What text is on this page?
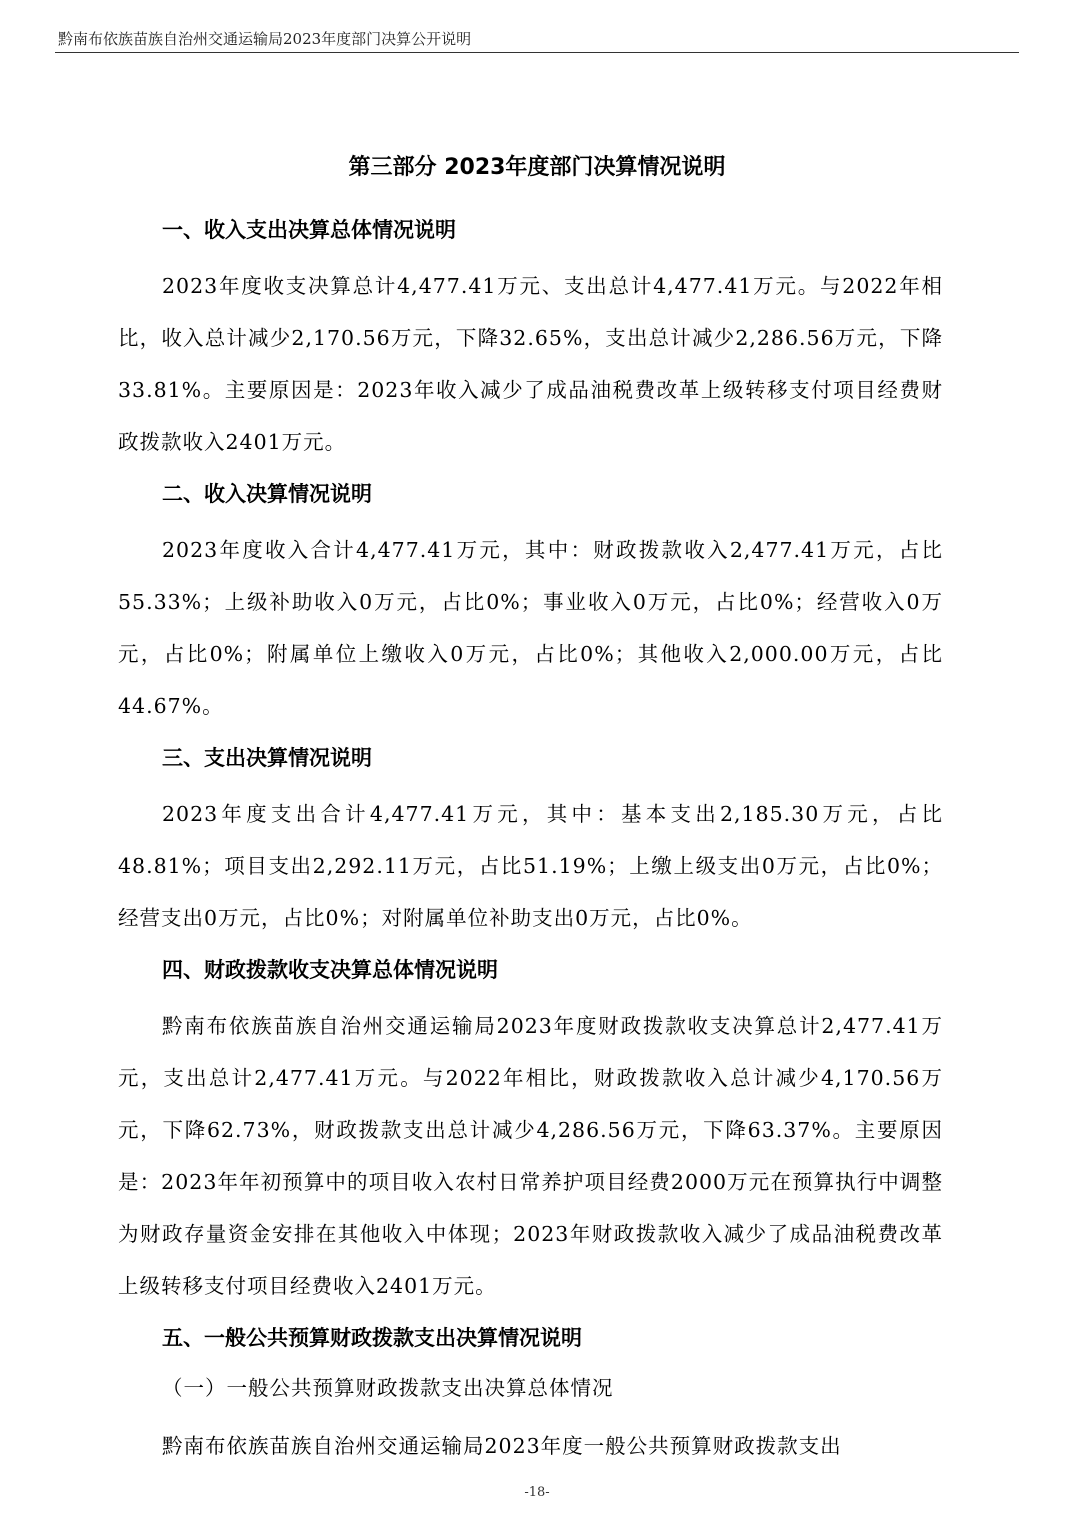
黔南布依族苗族自治州交通运输局2023年度部门决算公开说明
第三部分 2023年度部门决算情况说明
一、收入支出决算总体情况说明

2023年度收支决算总计4,477.41万元、支出总计4,477.41万元。与2022年相比，收入总计减少2,170.56万元，下降32.65%，支出总计减少2,286.56万元，下降33.81%。主要原因是：2023年收入减少了成品油税费改革上级转移支付项目经费财政拨款收入2401万元。

二、收入决算情况说明

2023年度收入合计4,477.41万元，其中：财政拨款收入2,477.41万元，占比55.33%；上级补助收入0万元，占比0%；事业收入0万元，占比0%；经营收入0万元，占比0%；附属单位上缴收入0万元，占比0%；其他收入2,000.00万元，占比44.67%。

三、支出决算情况说明

2023年度支出合计4,477.41万元，其中：基本支出2,185.30万元，占比48.81%；项目支出2,292.11万元，占比51.19%；上缴上级支出0万元，占比0%；经营支出0万元，占比0%；对附属单位补助支出0万元，占比0%。

四、财政拨款收支决算总体情况说明

黔南布依族苗族自治州交通运输局2023年度财政拨款收支决算总计2,477.41万元，支出总计2,477.41万元。与2022年相比，财政拨款收入总计减少4,170.56万元，下降62.73%，财政拨款支出总计减少4,286.56万元，下降63.37%。主要原因是：2023年年初预算中的项目收入农村日常养护项目经费2000万元在预算执行中调整为财政存量资金安排在其他收入中体现；2023年财政拨款收入减少了成品油税费改革上级转移支付项目经费收入2401万元。

五、一般公共预算财政拨款支出决算情况说明
（一）一般公共预算财政拨款支出决算总体情况

黔南布依族苗族自治州交通运输局2023年度一般公共预算财政拨款支出

-18-
